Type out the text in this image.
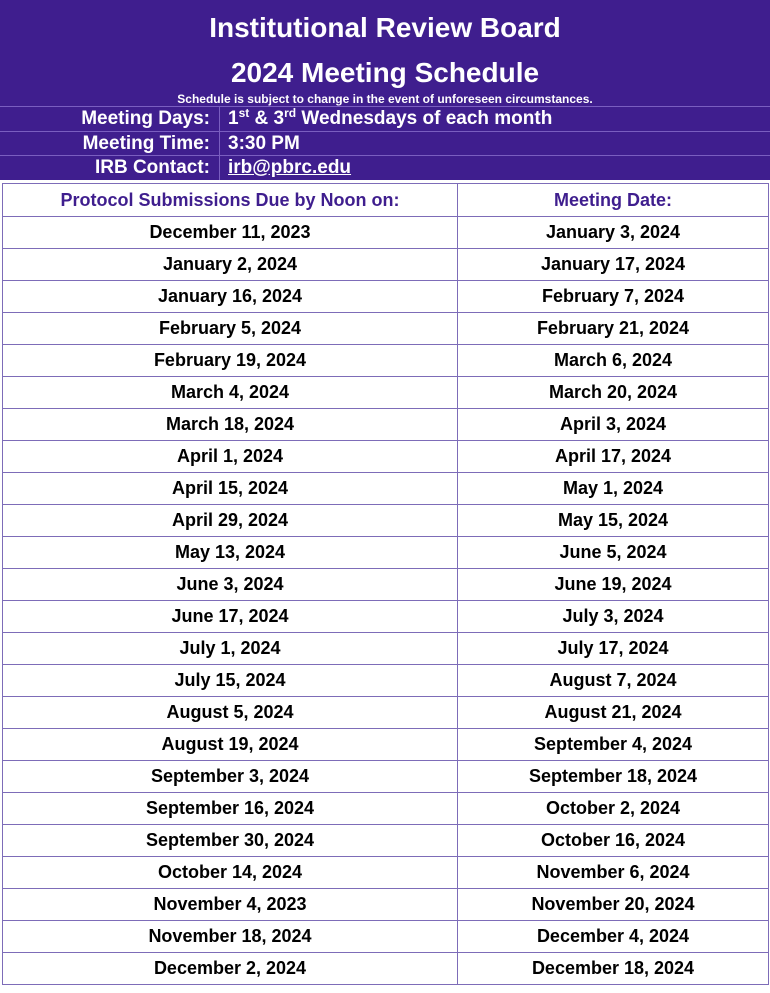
Institutional Review Board
2024 Meeting Schedule
Schedule is subject to change in the event of unforeseen circumstances.
Meeting Days: 1st & 3rd Wednesdays of each month
Meeting Time: 3:30 PM
IRB Contact: irb@pbrc.edu
Protocol Submissions Due by Noon on:	Meeting Date:
December 11, 2023	January 3, 2024
January 2, 2024	January 17, 2024
January 16, 2024	February 7, 2024
February 5, 2024	February 21, 2024
February 19, 2024	March 6, 2024
March 4, 2024	March 20, 2024
March 18, 2024	April 3, 2024
April 1, 2024	April 17, 2024
April 15, 2024	May 1, 2024
April 29, 2024	May 15, 2024
May 13, 2024	June 5, 2024
June 3, 2024	June 19, 2024
June 17, 2024	July 3, 2024
July 1, 2024	July 17, 2024
July 15, 2024	August 7, 2024
August 5, 2024	August 21, 2024
August 19, 2024	September 4, 2024
September 3, 2024	September 18, 2024
September 16, 2024	October 2, 2024
September 30, 2024	October 16, 2024
October 14, 2024	November 6, 2024
November 4, 2023	November 20, 2024
November 18, 2024	December 4, 2024
December 2, 2024	December 18, 2024
